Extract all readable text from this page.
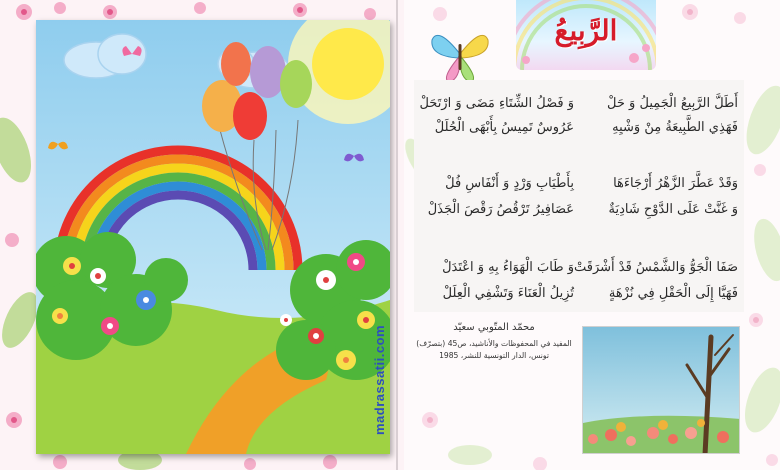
الرَّبِيعُ
أَطَلَّ الرَّبِيعُ الْجَمِيلُ وَ حَلْ
وَ فَصْلُ الشِّتَاءِ مَضَى وَ ارْتَحَلْ
فَهَذِي الطَّبِيعَةُ مِنْ وَشْيِهِ
عَرُوسٌ تَمِيسُ بِأَبْهَى الْحُلَلْ
وَقَدْ عَطَّرَ الزَّهْرُ أَرْجَاءَهَا
بِأَطْيَابِ وَرْدٍ وَ أَنْفَاسِ فُلْ
وَ غَنَّتْ عَلَى الدَّوْحِ شَادِيَةٌ
عَصَافِيرُ تَرْقُصُ رَقْصَ الْجَذَلْ
صَفَا الْجَوُّ وَالشَّمْسُ قَدْ أَشْرَقَتْ
وَ طَابَ الْهَوَاءُ بِهِ وَ اعْتَدَلْ
فَهَيَّا إِلَى الْحَقْلِ فِي نُزْهَةٍ
تُزِيلُ الْعَنَاءَ وَتَشْفِي الْعِلَلْ
محمّد المتّوبي سعيّد
المفيد في المحفوظات والأناشيد، ص45 (بتصرّف)
تونس، الدار التونسية للنشر، 1985
madrassatii.com
